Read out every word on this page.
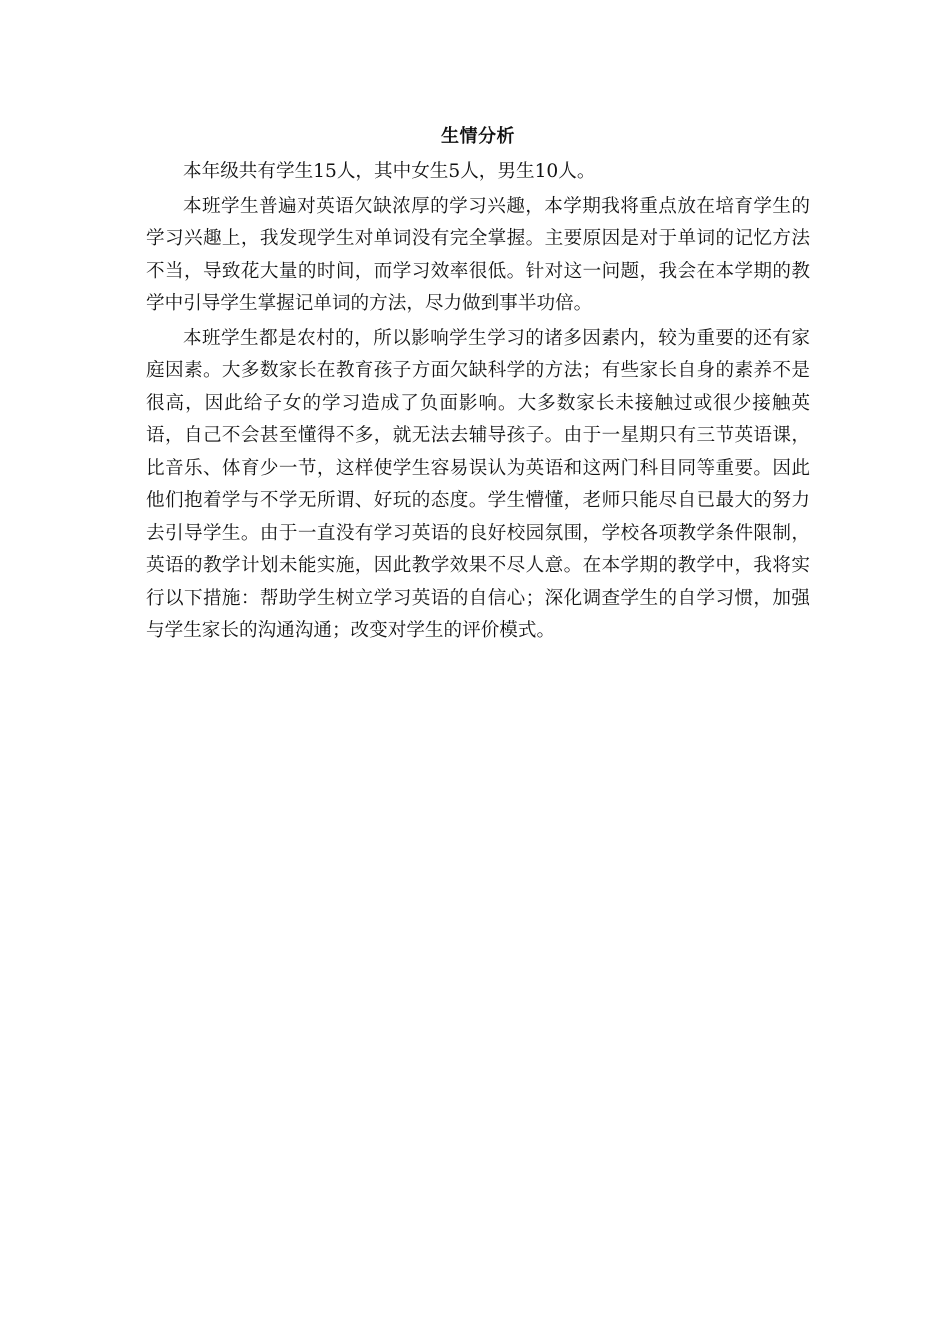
生情分析

本年级共有学生15人，其中女生5人，男生10人。

本班学生普遍对英语欠缺浓厚的学习兴趣，本学期我将重点放在培育学生的学习兴趣上，我发现学生对单词没有完全掌握。主要原因是对于单词的记忆方法不当，导致花大量的时间，而学习效率很低。针对这一问题，我会在本学期的教学中引导学生掌握记单词的方法，尽力做到事半功倍。

本班学生都是农村的，所以影响学生学习的诸多因素内，较为重要的还有家庭因素。大多数家长在教育孩子方面欠缺科学的方法；有些家长自身的素养不是很高，因此给子女的学习造成了负面影响。大多数家长未接触过或很少接触英语，自己不会甚至懂得不多，就无法去辅导孩子。由于一星期只有三节英语课，比音乐、体育少一节，这样使学生容易误认为英语和这两门科目同等重要。因此他们抱着学与不学无所谓、好玩的态度。学生懵懂，老师只能尽自已最大的努力去引导学生。由于一直没有学习英语的良好校园氛围，学校各项教学条件限制，英语的教学计划未能实施，因此教学效果不尽人意。在本学期的教学中，我将实行以下措施：帮助学生树立学习英语的自信心；深化调查学生的自学习惯，加强与学生家长的沟通沟通；改变对学生的评价模式。
